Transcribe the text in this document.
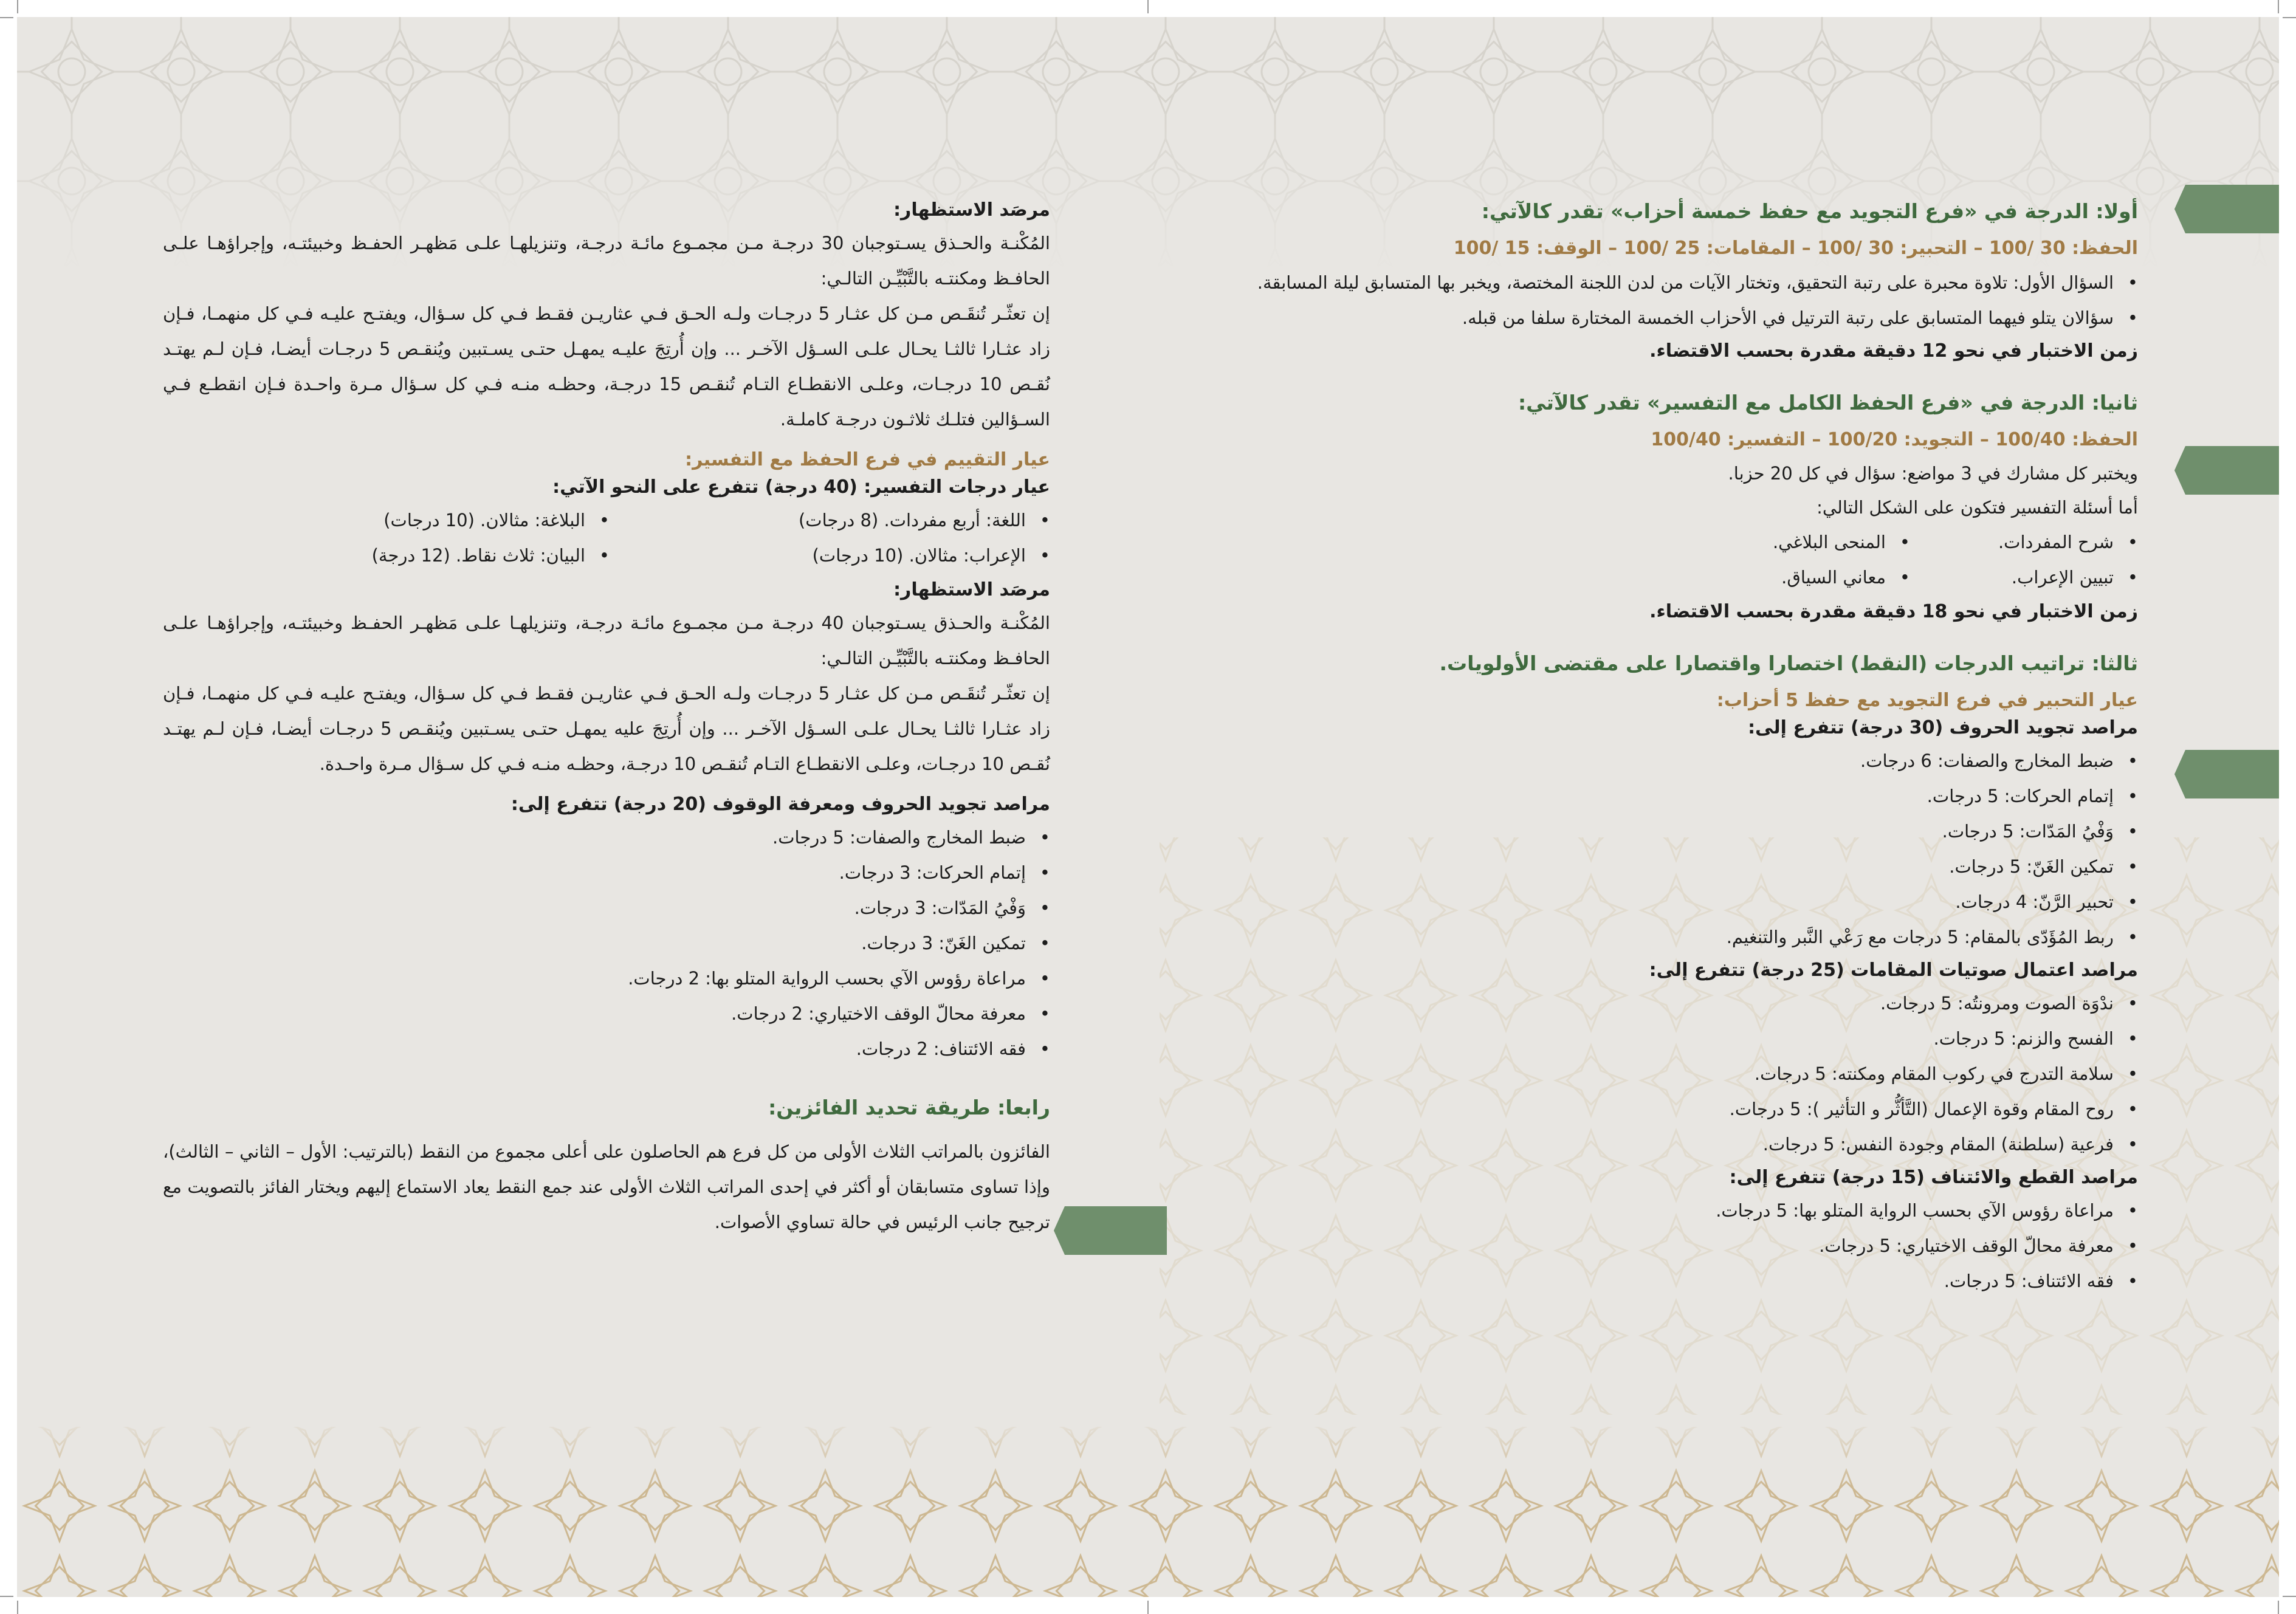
مرصَد الاستظهار:

المُكْنـة والحـذق يسـتوجبان 30 درجـة مـن مجمـوع مائـة درجـة، وتنزيلهـا علـى مَظهـر الحفـظ وخبيئتـه، وإجراؤهـا علـى الحافـظ ومكنتـه بالتَّبْيِّـن التالـي:

إن تعثّـر تُنقَـص مـن كل عثـار 5 درجـات ولـه الحـق فـي عثاريـن فقـط فـي كل سـؤال، ويفتـح عليـه فـي كل منهمـا، فـإن زاد عثـارا ثالثـا يحـال علـى السـؤل الآخـر ... وإن أُرتِجَ عليـه يمهـل حتـى يسـتبين ويُنقـص 5 درجـات أيضـا، فـإن لـم يهتـد نُقـص 10 درجـات، وعلـى الانقطـاع التـام تُنقـص 15 درجـة، وحظـه منـه فـي كل سـؤال مـرة واحـدة فـإن انقطـع فـي السـؤالين فتلـك ثلاثـون درجـة كاملـة.

عيار التقييم في فرع الحفظ مع التفسير:

عيار درجات التفسير: (40 درجة) تتفرع على النحو الآتي:

• اللغة: أربع مفردات. (8 درجات)
• البلاغة: مثالان. (10 درجات)
• الإعراب: مثالان. (10 درجات)
• البيان: ثلاث نقاط. (12 درجة)

مرصَد الاستظهار:

المُكْنـة والحـذق يسـتوجبان 40 درجـة مـن مجمـوع مائـة درجـة، وتنزيلهـا علـى مَظهـر الحفـظ وخبيئتـه، وإجراؤهـا علـى الحافـظ ومكنتـه بالتَّبْيِّـن التالـي:

إن تعثّـر تُنقَـص مـن كل عثـار 5 درجـات ولـه الحـق فـي عثاريـن فقـط فـي كل سـؤال، ويفتـح عليـه فـي كل منهمـا، فـإن زاد عثـارا ثالثـا يحـال علـى السـؤل الآخـر ... وإن أُرتِجَ عليه يمهـل حتـى يسـتبين ويُنقـص 5 درجـات أيضـا، فـإن لـم يهتـد نُقـص 10 درجـات، وعلـى الانقطـاع التـام تُنقـص 10 درجـة، وحظـه منـه فـي كل سـؤال مـرة واحـدة.

مراصد تجويد الحروف ومعرفة الوقوف (20 درجة) تتفرع إلى:

• ضبط المخارج والصفات: 5 درجات.
• إتمام الحركات: 3 درجات.
• وَفْيُ المَدّات: 3 درجات.
• تمكين الغَنّ: 3 درجات.
• مراعاة رؤوس الآي بحسب الرواية المتلو بها: 2 درجات.
• معرفة محالّ الوقف الاختياري: 2 درجات.
• فقه الائتناف: 2 درجات.

رابعا: طريقة تحديد الفائزين:

الفائزون بالمراتب الثلاث الأولى من كل فرع هم الحاصلون على أعلى مجموع من النقط (بالترتيب: الأول – الثاني – الثالث)، وإذا تساوى متسابقان أو أكثر في إحدى المراتب الثلاث الأولى عند جمع النقط يعاد الاستماع إليهم ويختار الفائز بالتصويت مع ترجيح جانب الرئيس في حالة تساوي الأصوات.

أولا: الدرجة في «فرع التجويد مع حفظ خمسة أحزاب» تقدر كالآتي:

الحفظ: 30 /100 – التحبير: 30 /100 – المقامات: 25 /100 – الوقف: 15 /100

• السؤال الأول: تلاوة محبرة على رتبة التحقيق، وتختار الآيات من لدن اللجنة المختصة، ويخبر بها المتسابق ليلة المسابقة.
• سؤالان يتلو فيهما المتسابق على رتبة الترتيل في الأحزاب الخمسة المختارة سلفا من قبله.

زمن الاختبار في نحو 12 دقيقة مقدرة بحسب الاقتضاء.

ثانيا: الدرجة في «فرع الحفظ الكامل مع التفسير» تقدر كالآتي:

الحفظ: 100/40 – التجويد: 100/20 – التفسير: 100/40

ويختبر كل مشارك في 3 مواضع: سؤال في كل 20 حزبا.

أما أسئلة التفسير فتكون على الشكل التالي:

• شرح المفردات.
• المنحى البلاغي.
• تبيين الإعراب.
• معاني السياق.

زمن الاختبار في نحو 18 دقيقة مقدرة بحسب الاقتضاء.

ثالثا: تراتيب الدرجات (النقط) اختصارا واقتصارا على مقتضى الأولويات.

عيار التحبير في فرع التجويد مع حفظ 5 أحزاب:

مراصد تجويد الحروف (30 درجة) تتفرع إلى:

• ضبط المخارج والصفات: 6 درجات.
• إتمام الحركات: 5 درجات.
• وَفْيُ المَدّات: 5 درجات.
• تمكين الغَنّ: 5 درجات.
• تحبير الرَّنّ: 4 درجات.
• ربط المُؤَدّى بالمقام: 5 درجات مع رَعْي النَّبر والتنغيم.

مراصد اعتمال صوتيات المقامات (25 درجة) تتفرع إلى:

• ندْوَة الصوت ومرونتُه: 5 درجات.
• الفسح والزنم: 5 درجات.
• سلامة التدرج في ركوب المقام ومكنته: 5 درجات.
• روح المقام وقوة الإعمال (التَّأثُّر و التأثير ): 5 درجات.
• فرعية (سلطنة) المقام وجودة النفس: 5 درجات.

مراصد القطع والائتناف (15 درجة) تتفرع إلى:

• مراعاة رؤوس الآي بحسب الرواية المتلو بها: 5 درجات.
• معرفة محالّ الوقف الاختياري: 5 درجات.
• فقه الائتناف: 5 درجات.
